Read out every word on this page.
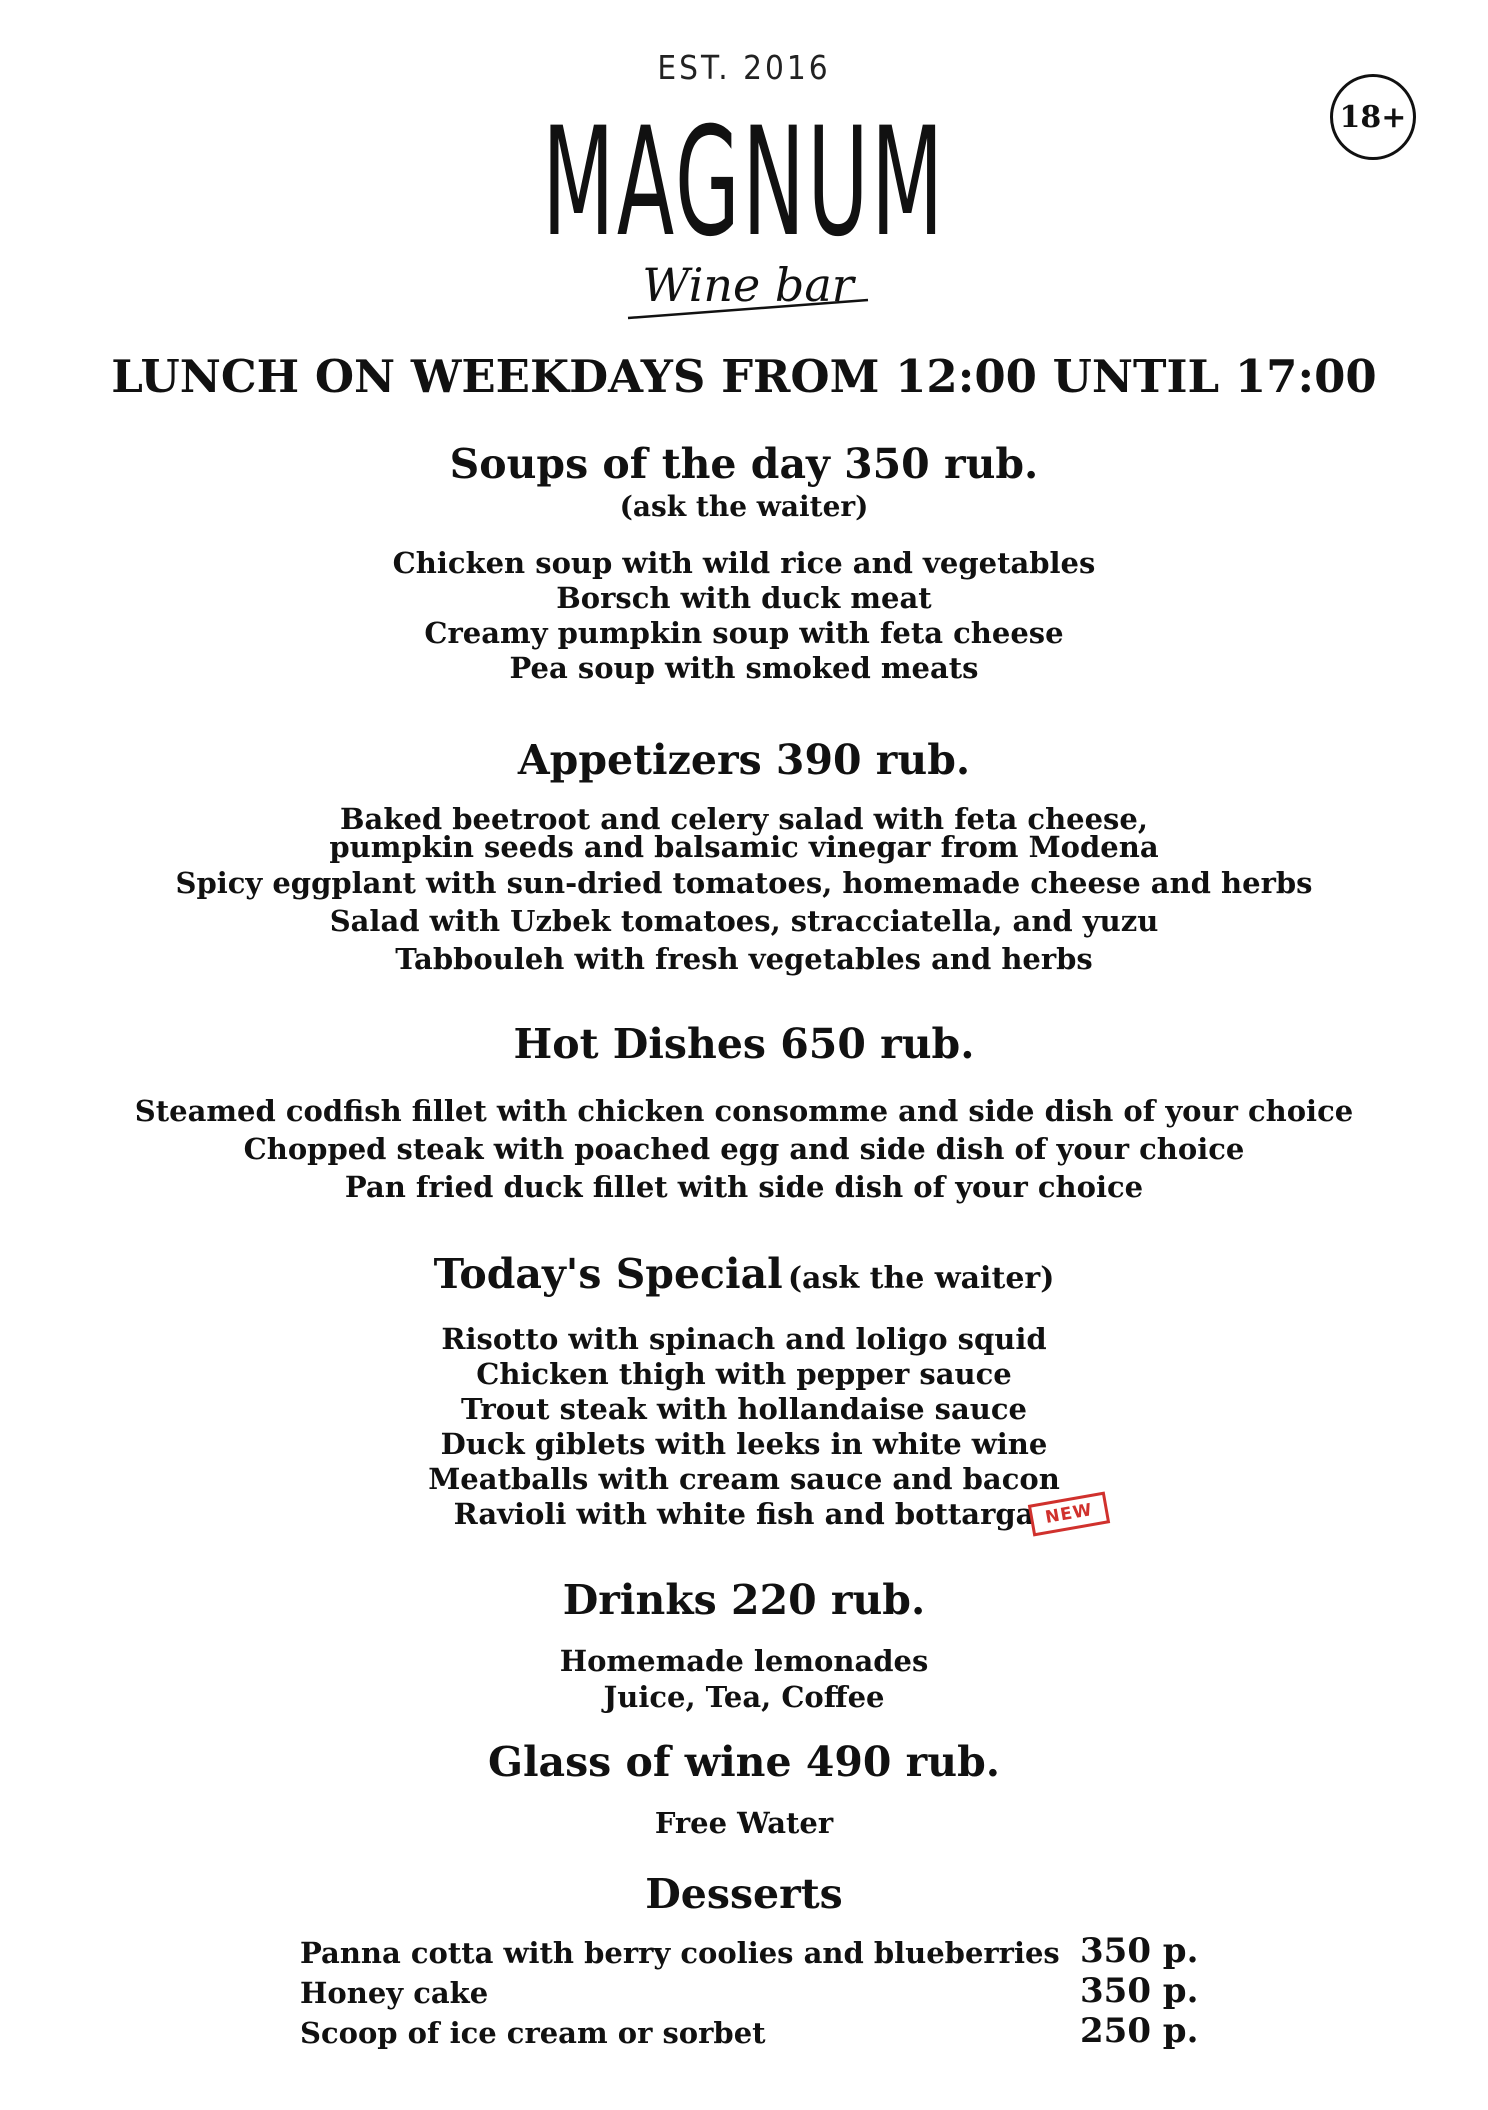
EST. 2016
MAGNUM
Wine bar
18+
LUNCH ON WEEKDAYS FROM 12:00 UNTIL 17:00
Soups of the day 350 rub.
(ask the waiter)
Chicken soup with wild rice and vegetables
Borsch with duck meat
Creamy pumpkin soup with feta cheese
Pea soup with smoked meats
Appetizers 390 rub.
Baked beetroot and celery salad with feta cheese,
pumpkin seeds and balsamic vinegar from Modena
Spicy eggplant with sun-dried tomatoes, homemade cheese and herbs
Salad with Uzbek tomatoes, stracciatella, and yuzu
Tabbouleh with fresh vegetables and herbs
Hot Dishes 650 rub.
Steamed codfish fillet with chicken consomme and side dish of your choice
Chopped steak with poached egg and side dish of your choice
Pan fried duck fillet with side dish of your choice
Today's Special (ask the waiter)
Risotto with spinach and loligo squid
Chicken thigh with pepper sauce
Trout steak with hollandaise sauce
Duck giblets with leeks in white wine
Meatballs with cream sauce and bacon
Ravioli with white fish and bottarga NEW
Drinks 220 rub.
Homemade lemonades
Juice, Tea, Coffee
Glass of wine 490 rub.
Free Water
Desserts
Panna cotta with berry coolies and blueberries 350 p.
Honey cake	350 p.
Scoop of ice cream or sorbet	250 p.
